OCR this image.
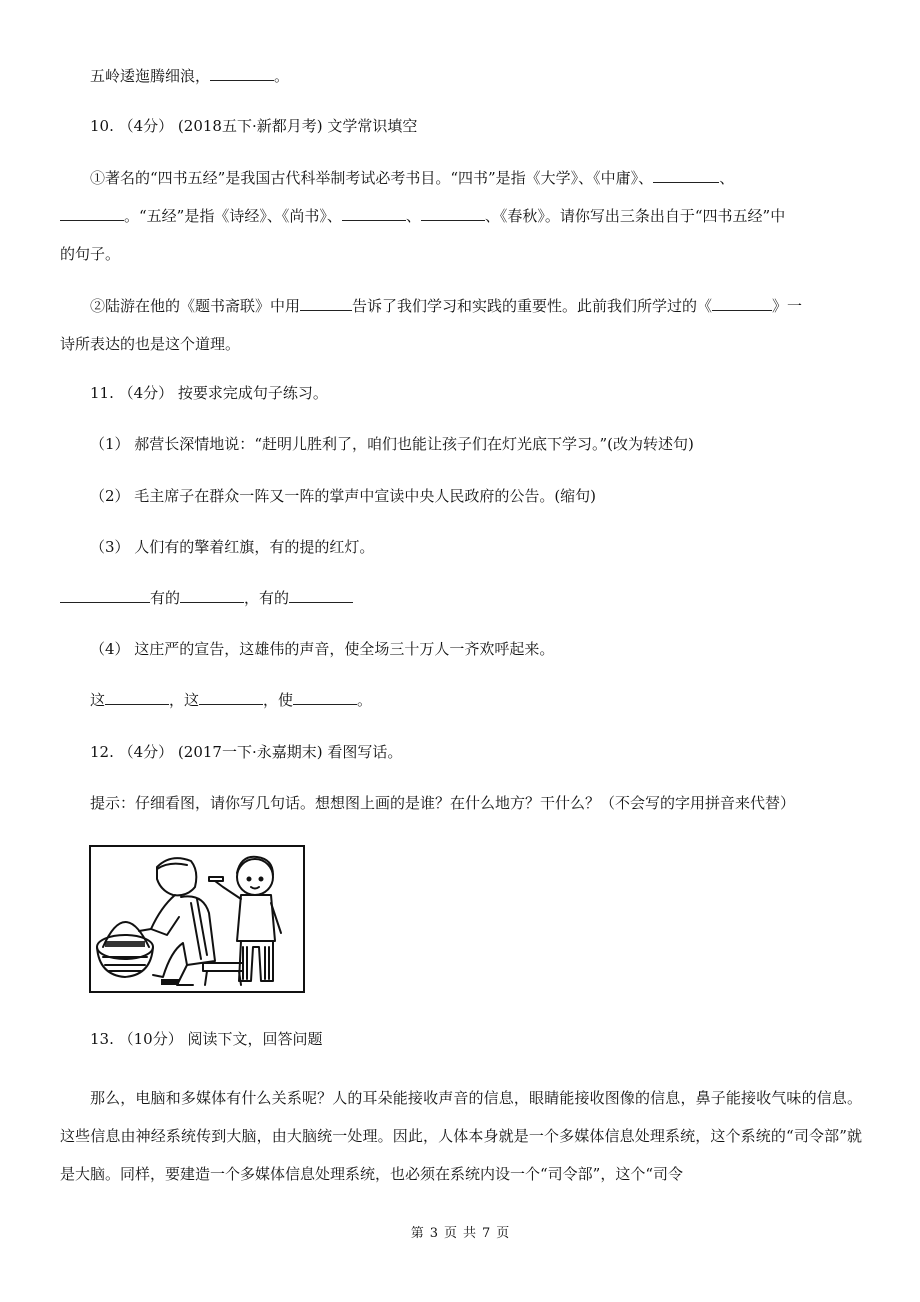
五岭逶迤腾细浪，	。
10. （4分） (2018五下·新都月考) 文学常识填空
①著名的“四书五经”是我国古代科举制考试必考书目。“四书”是指《大学》、《中庸》、	、
。“五经”是指《诗经》、《尚书》、	、	、《春秋》。请你写出三条出自于“四书五经”中
的句子。
②陆游在他的《题书斋联》中用	告诉了我们学习和实践的重要性。此前我们所学过的《	》一
诗所表达的也是这个道理。
11. （4分） 按要求完成句子练习。
（1） 郝营长深情地说：“赶明儿胜利了，咱们也能让孩子们在灯光底下学习。”(改为转述句)
（2） 毛主席子在群众一阵又一阵的掌声中宣读中央人民政府的公告。(缩句)
（3） 人们有的擎着红旗，有的提的红灯。
有的	，有的
（4） 这庄严的宣告，这雄伟的声音，使全场三十万人一齐欢呼起来。
这	，这	，使	。
12. （4分） (2017一下·永嘉期末) 看图写话。
提示：仔细看图，请你写几句话。想想图上画的是谁？在什么地方？干什么？（不会写的字用拼音来代替）
13. （10分） 阅读下文，回答问题
那么，电脑和多媒体有什么关系呢？人的耳朵能接收声音的信息，眼睛能接收图像的信息，鼻子能接收气味的信息。这些信息由神经系统传到大脑，由大脑统一处理。因此，人体本身就是一个多媒体信息处理系统，这个系统的“司令部”就是大脑。同样，要建造一个多媒体信息处理系统，也必须在系统内设一个“司令部”，这个“司令
第 3 页 共 7 页
